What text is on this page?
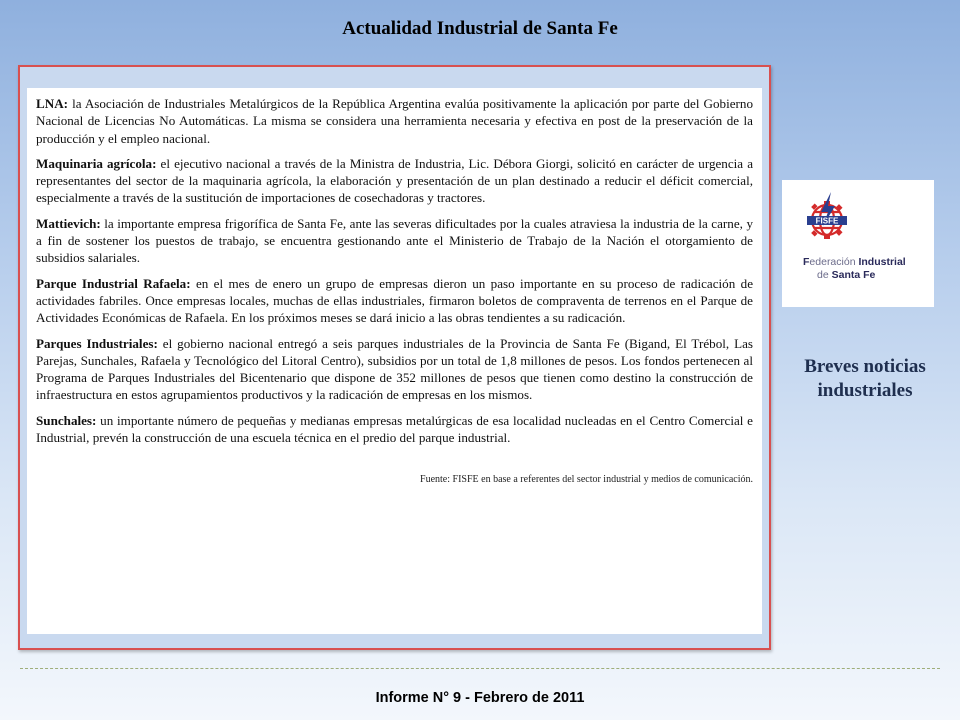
Actualidad Industrial de Santa Fe

LNA: la Asociación de Industriales Metalúrgicos de la República Argentina evalúa positivamente la aplicación por parte del Gobierno Nacional de Licencias No Automáticas. La misma se considera una herramienta necesaria y efectiva en post de la preservación de la producción y el empleo nacional.

Maquinaria agrícola: el ejecutivo nacional a través de la Ministra de Industria, Lic. Débora Giorgi, solicitó en carácter de urgencia a representantes del sector de la maquinaria agrícola, la elaboración y presentación de un plan destinado a reducir el déficit comercial, especialmente a través de la sustitución de importaciones de cosechadoras y tractores.

Mattievich: la importante empresa frigorífica de Santa Fe, ante las severas dificultades por la cuales atraviesa la industria de la carne, y a fin de sostener los puestos de trabajo, se encuentra gestionando ante el Ministerio de Trabajo de la Nación el otorgamiento de subsidios salariales.

Parque Industrial Rafaela: en el mes de enero un grupo de empresas dieron un paso importante en su proceso de radicación de actividades fabriles. Once empresas locales, muchas de ellas industriales, firmaron boletos de compraventa de terrenos en el Parque de Actividades Económicas de Rafaela. En los próximos meses se dará inicio a las obras tendientes a su radicación.

Parques Industriales: el gobierno nacional entregó a seis parques industriales de la Provincia de Santa Fe (Bigand, El Trébol, Las Parejas, Sunchales, Rafaela y Tecnológico del Litoral Centro), subsidios por un total de 1,8 millones de pesos. Los fondos pertenecen al Programa de Parques Industriales del Bicentenario que dispone de 352 millones de pesos que tienen como destino la construcción de infraestructura en estos agrupamientos productivos y la radicación de empresas en los mismos.

Sunchales: un importante número de pequeñas y medianas empresas metalúrgicas de esa localidad nucleadas en el Centro Comercial e Industrial, prevén la construcción de una escuela técnica en el predio del parque industrial.

Fuente: FISFE en base a referentes del sector industrial y medios de comunicación.
FISFE
Federación Industrial
de Santa Fe
Breves noticias industriales
Informe N° 9 - Febrero de 2011
